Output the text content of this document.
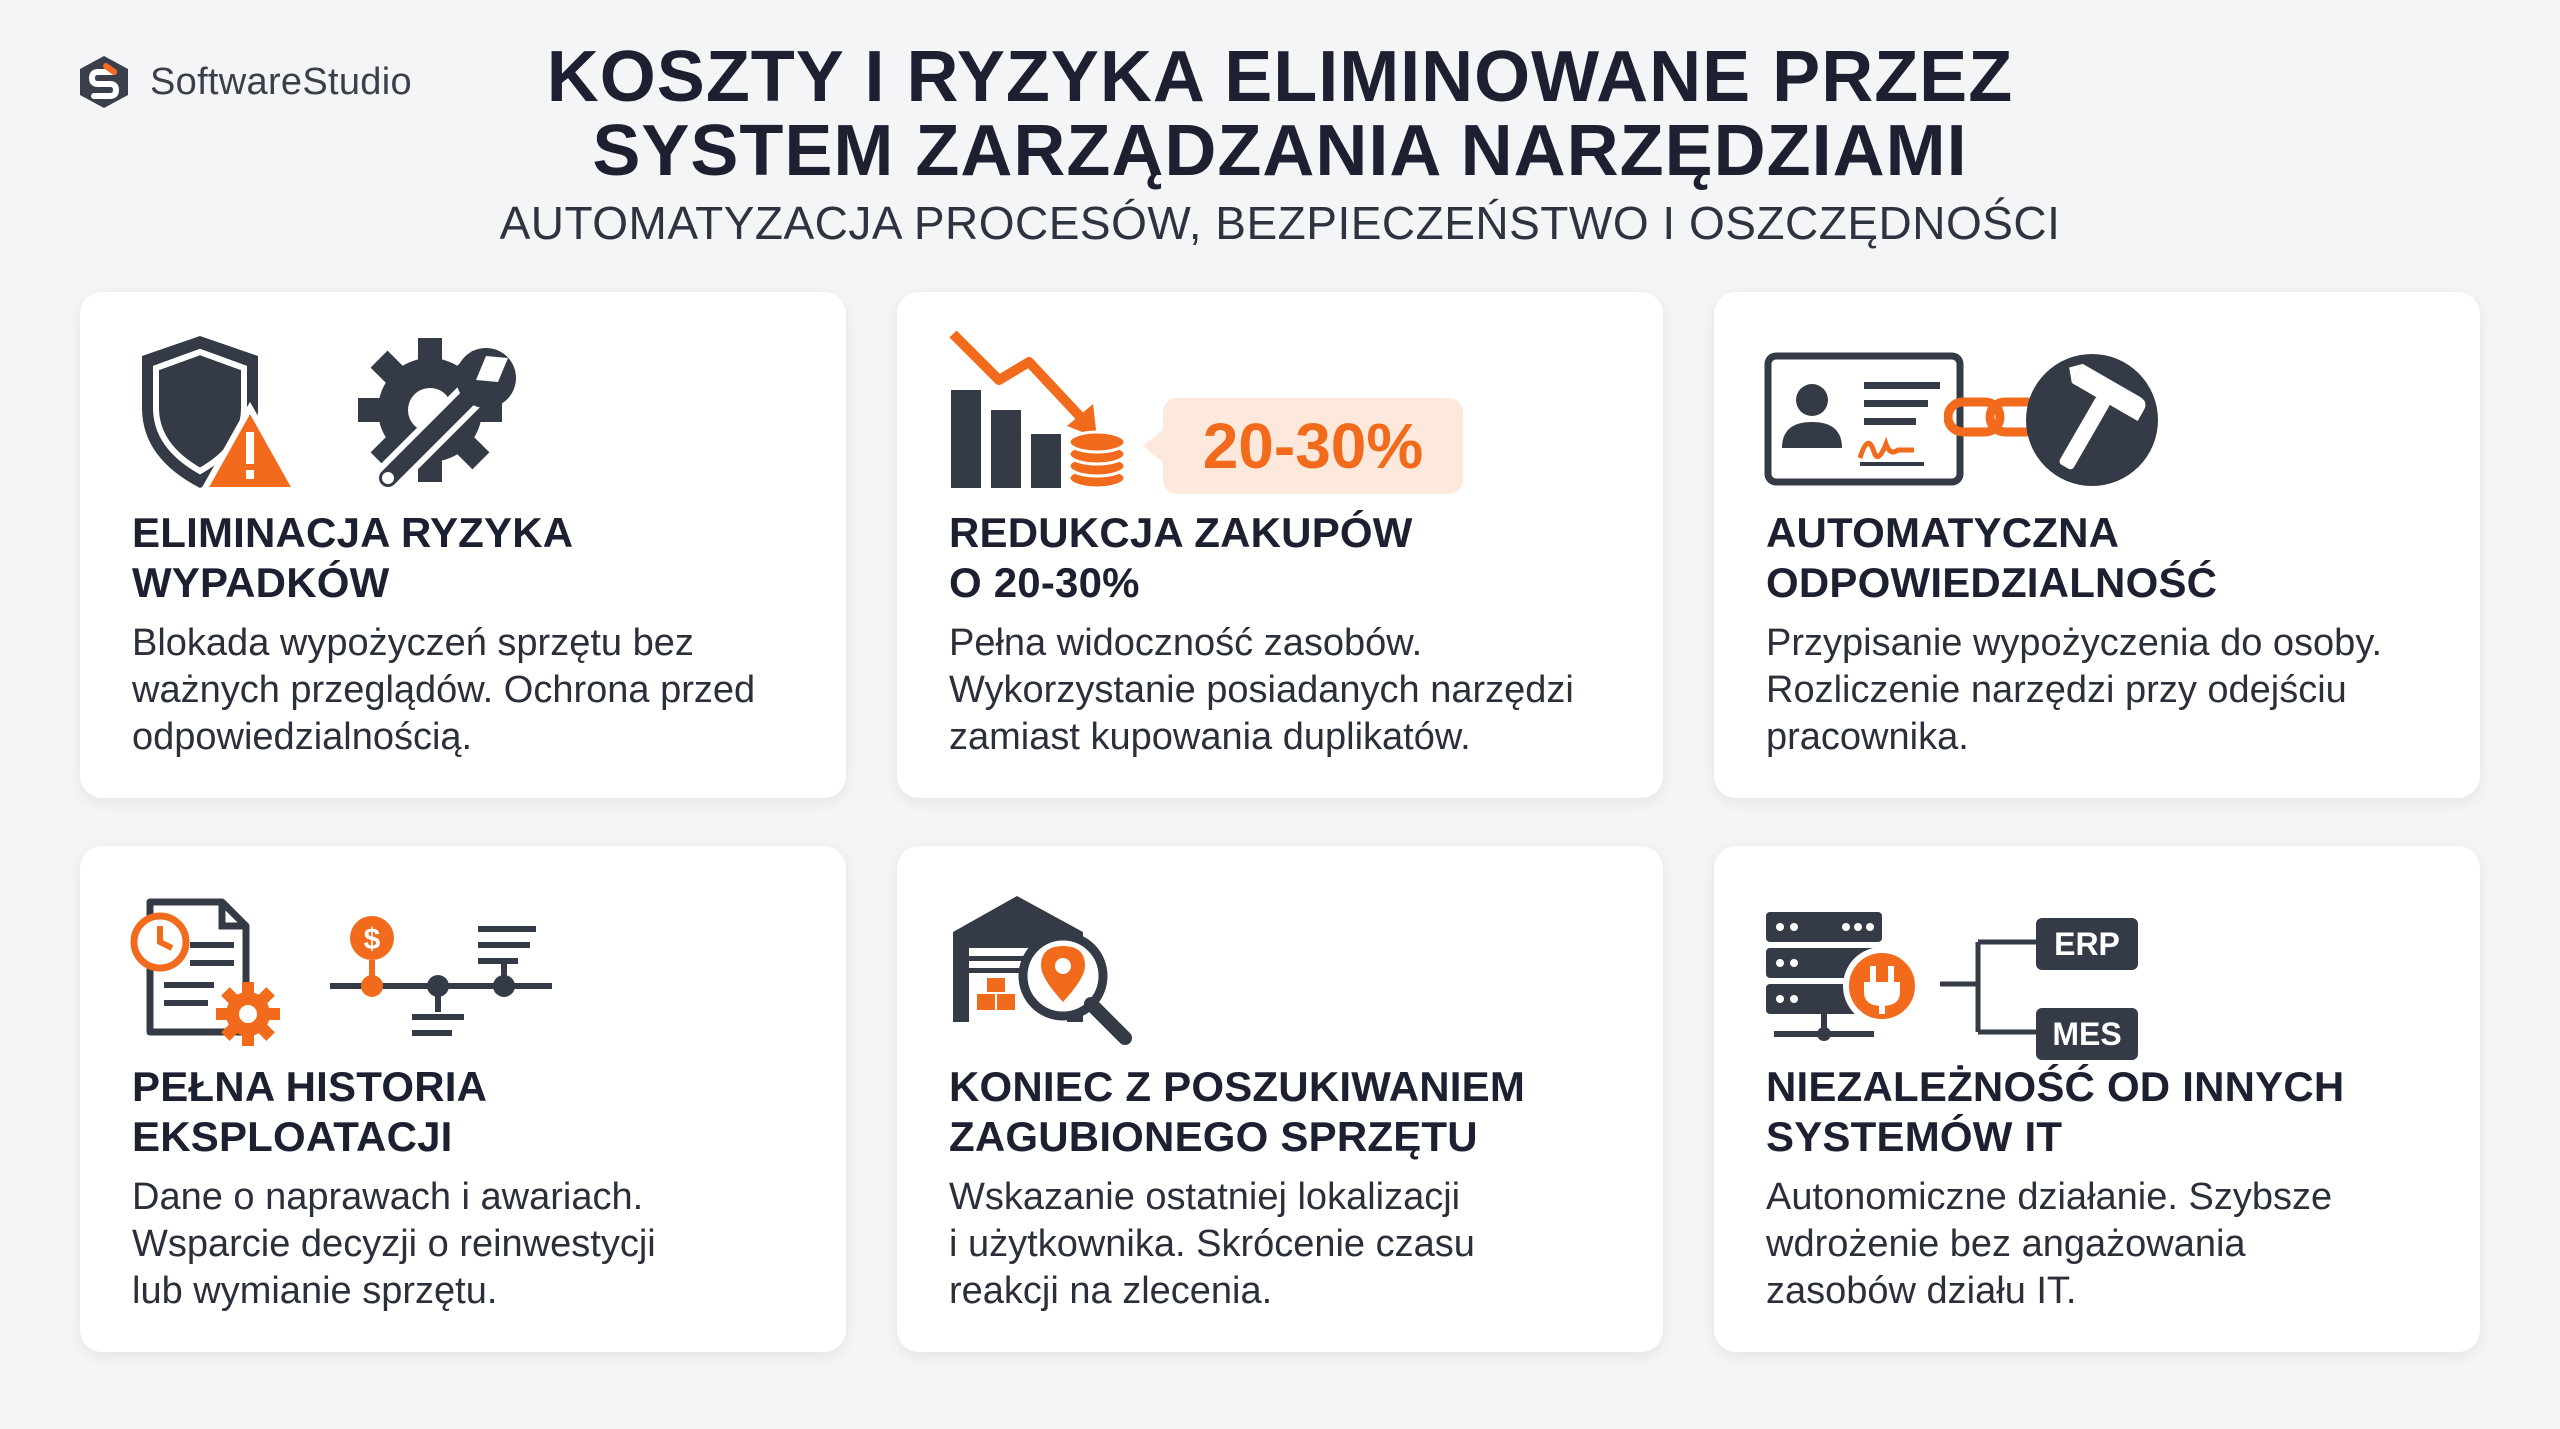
SoftwareStudio	KOSZTY I RYZYKA ELIMINOWANE PRZEZ
SYSTEM ZARZĄDZANIA NARZĘDZIAMI
AUTOMATYZACJA PROCESÓW, BEZPIECZEŃSTWO I OSZCZĘDNOŚCI
ELIMINACJA RYZYKA
WYPADKÓW
Blokada wypożyczeń sprzętu bez
ważnych przeglądów. Ochrona przed
odpowiedzialnością.
20-30%
REDUKCJA ZAKUPÓW
O 20-30%
Pełna widoczność zasobów.
Wykorzystanie posiadanych narzędzi
zamiast kupowania duplikatów.
AUTOMATYCZNA
ODPOWIEDZIALNOŚĆ
Przypisanie wypożyczenia do osoby.
Rozliczenie narzędzi przy odejściu
pracownika.
$
PEŁNA HISTORIA
EKSPLOATACJI
Dane o naprawach i awariach.
Wsparcie decyzji o reinwestycji
lub wymianie sprzętu.
KONIEC Z POSZUKIWANIEM
ZAGUBIONEGO SPRZĘTU
Wskazanie ostatniej lokalizacji
i użytkownika. Skrócenie czasu
reakcji na zlecenia.
ERP
MES
NIEZALEŻNOŚĆ OD INNYCH
SYSTEMÓW IT
Autonomiczne działanie. Szybsze
wdrożenie bez angażowania
zasobów działu IT.
